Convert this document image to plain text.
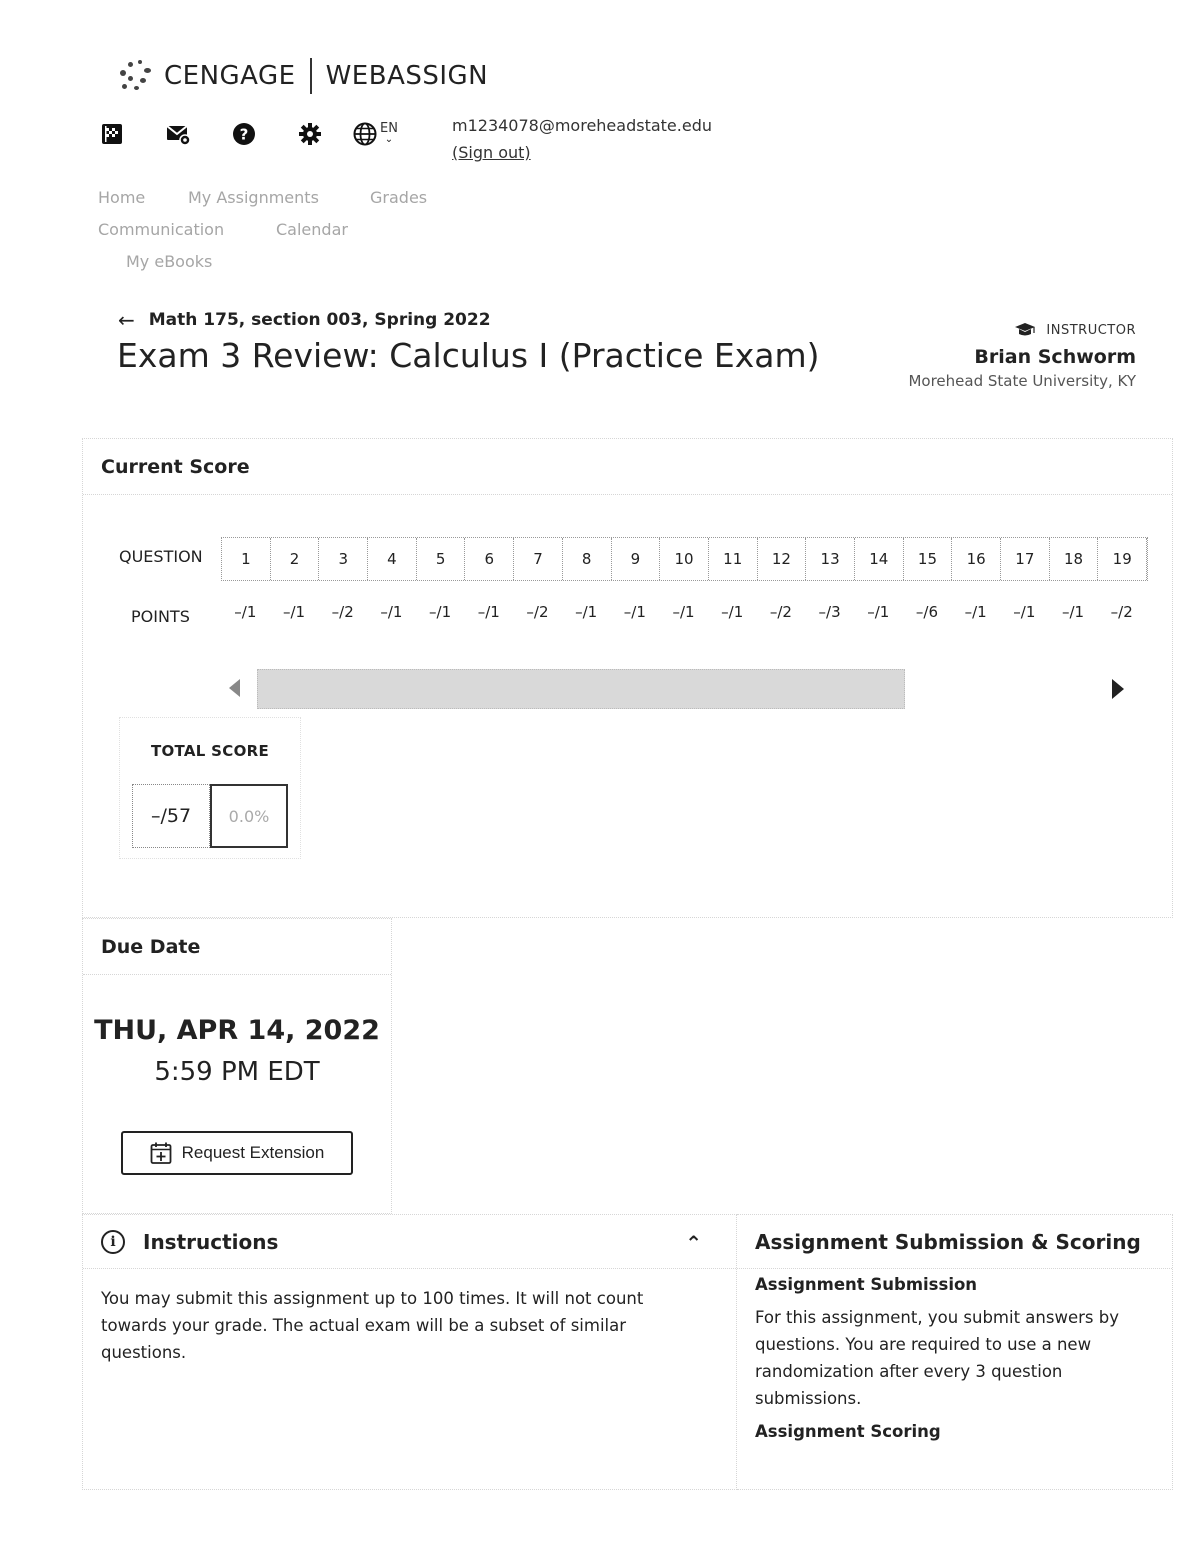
CENGAGE WEBASSIGN
?	EN
⌄
m1234078@moreheadstate.edu
(Sign out)
Home	My Assignments	Grades
Communication	Calendar
My eBooks
← Math 175, section 003, Spring 2022
Exam 3 Review: Calculus I (Practice Exam)
INSTRUCTOR
Brian Schworm
Morehead State University, KY
Current Score
QUESTION	1	2	3	4	5	6	7	8	9	10	11	12	13	14	15	16	17	18	19
POINTS	–/1	–/1	–/2	–/1	–/1	–/1	–/2	–/1	–/1	–/1	–/1	–/2	–/3	–/1	–/6	–/1	–/1	–/1	–/2
TOTAL SCORE
–/57	0.0%
Due Date
THU, APR 14, 2022
5:59 PM EDT
Request Extension
i	Instructions	⌃

You may submit this assignment up to 100 times. It will not count towards your grade. The actual exam will be a subset of similar questions.

Assignment Submission & Scoring
Assignment Submission

For this assignment, you submit answers by questions. You are required to use a new randomization after every 3 question submissions.

Assignment Scoring
